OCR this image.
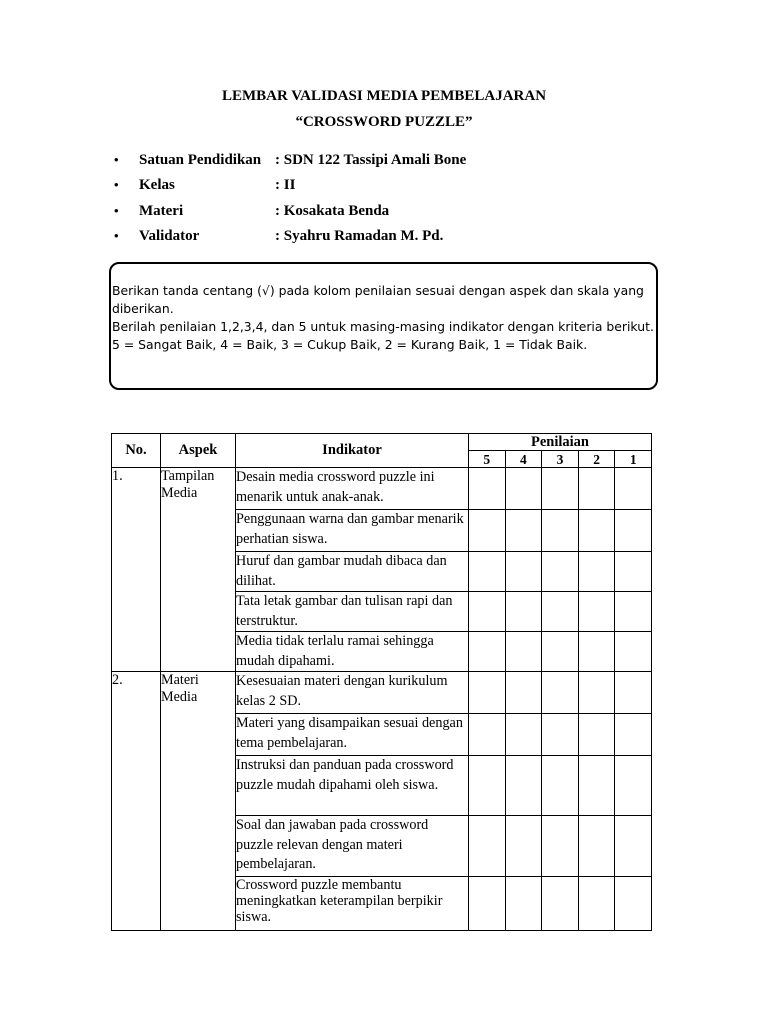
LEMBAR VALIDASI MEDIA PEMBELAJARAN
“CROSSWORD PUZZLE”
• Satuan Pendidikan : SDN 122 Tassipi Amali Bone
• Kelas	: II
• Materi	: Kosakata Benda
• Validator	: Syahru Ramadan M. Pd.
Berikan tanda centang (√) pada kolom penilaian sesuai dengan aspek dan skala yang diberikan.
Berilah penilaian 1,2,3,4, dan 5 untuk masing-masing indikator dengan kriteria berikut.
5 = Sangat Baik, 4 = Baik, 3 = Cukup Baik, 2 = Kurang Baik, 1 = Tidak Baik.
No.	Aspek	Indikator	Penilaian				
			5	4	3	2	1
1.	Tampilan
Media	Desain media crossword puzzle ini menarik untuk anak-anak.					
		Penggunaan warna dan gambar menarik perhatian siswa.					
		Huruf dan gambar mudah dibaca dan dilihat.					
		Tata letak gambar dan tulisan rapi dan terstruktur.					
		Media tidak terlalu ramai sehingga mudah dipahami.					
2.	Materi
Media	Kesesuaian materi dengan kurikulum kelas 2 SD.					
		Materi yang disampaikan sesuai dengan tema pembelajaran.					
		Instruksi dan panduan pada crossword puzzle mudah dipahami oleh siswa.					
		Soal dan jawaban pada crossword puzzle relevan dengan materi pembelajaran.					
		Crossword puzzle membantu meningkatkan keterampilan berpikir siswa.					
